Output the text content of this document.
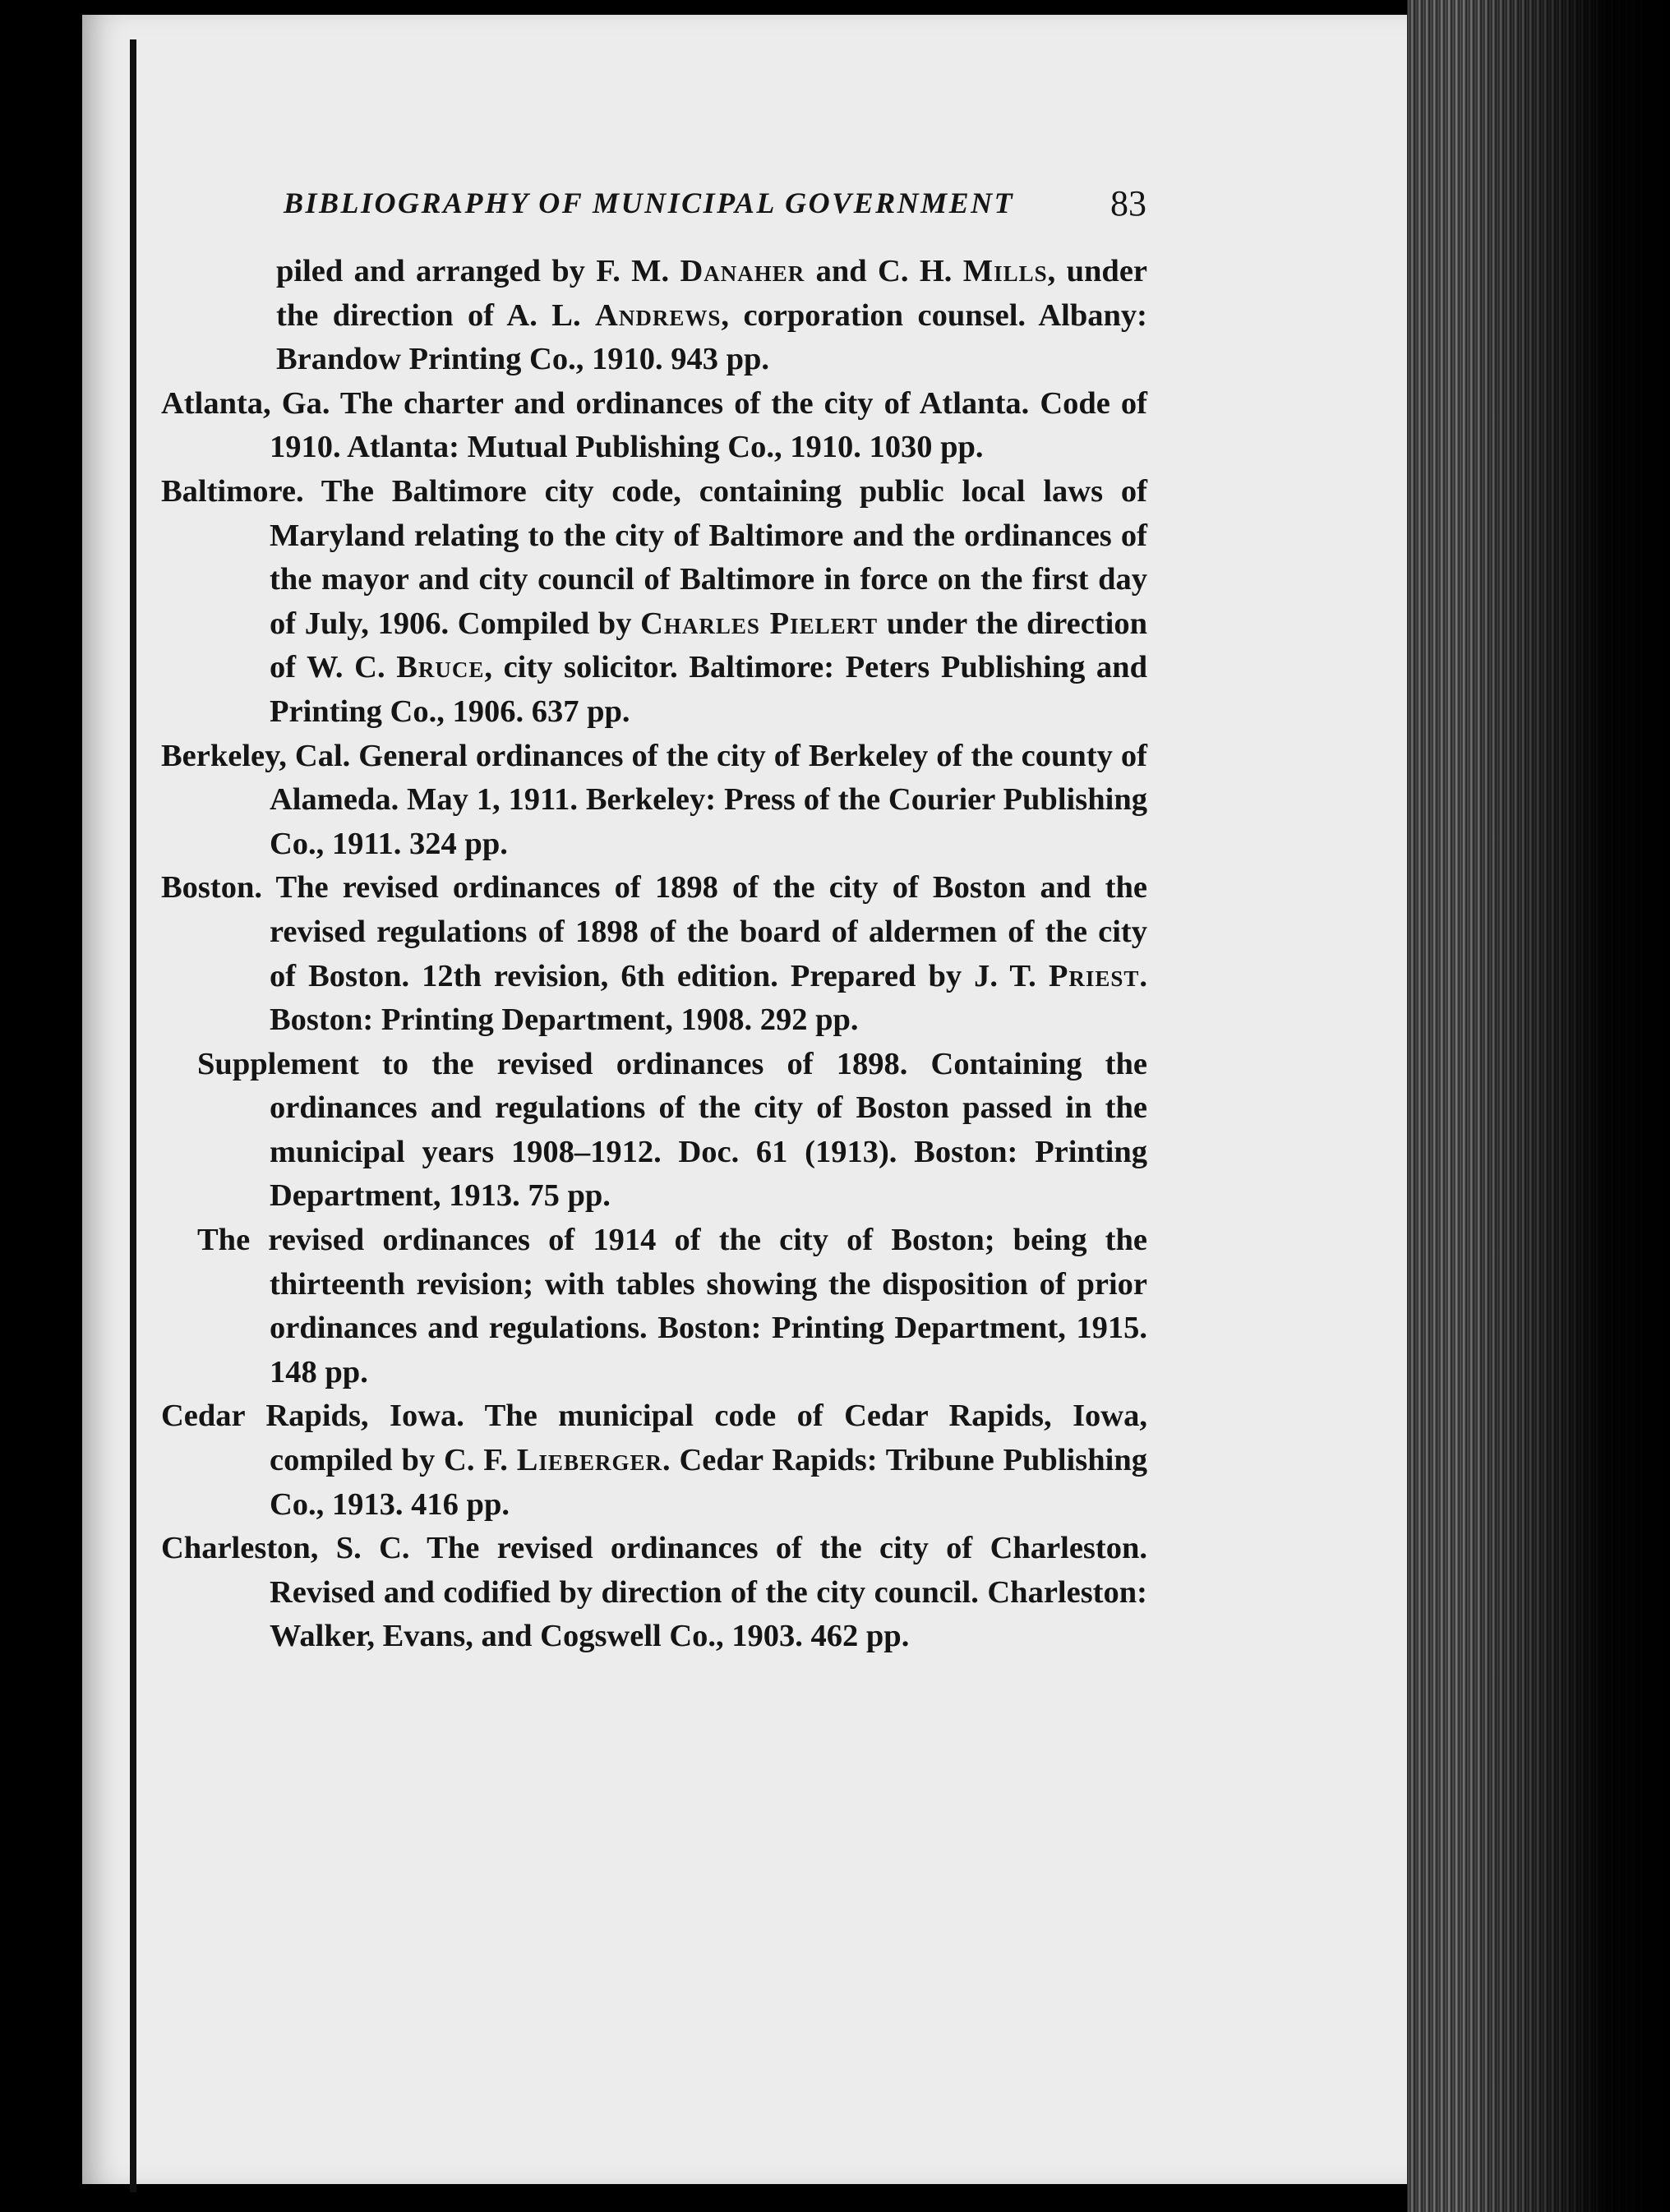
BIBLIOGRAPHY OF MUNICIPAL GOVERNMENT	83

piled and arranged by F. M. Danaher and C. H. Mills, under the direction of A. L. Andrews, corporation counsel. Albany: Brandow Printing Co., 1910. 943 pp.

Atlanta, Ga. The charter and ordinances of the city of Atlanta. Code of 1910. Atlanta: Mutual Publishing Co., 1910. 1030 pp.

Baltimore. The Baltimore city code, containing public local laws of Maryland relating to the city of Baltimore and the ordinances of the mayor and city council of Baltimore in force on the first day of July, 1906. Compiled by Charles Pielert under the direction of W. C. Bruce, city solicitor. Baltimore: Peters Publishing and Printing Co., 1906. 637 pp.

Berkeley, Cal. General ordinances of the city of Berkeley of the county of Alameda. May 1, 1911. Berkeley: Press of the Courier Publishing Co., 1911. 324 pp.

Boston. The revised ordinances of 1898 of the city of Boston and the revised regulations of 1898 of the board of aldermen of the city of Boston. 12th revision, 6th edition. Prepared by J. T. Priest. Boston: Printing Department, 1908. 292 pp.

Supplement to the revised ordinances of 1898. Containing the ordinances and regulations of the city of Boston passed in the municipal years 1908–1912. Doc. 61 (1913). Boston: Printing Department, 1913. 75 pp.

The revised ordinances of 1914 of the city of Boston; being the thirteenth revision; with tables showing the disposition of prior ordinances and regulations. Boston: Printing Department, 1915. 148 pp.

Cedar Rapids, Iowa. The municipal code of Cedar Rapids, Iowa, compiled by C. F. Lieberger. Cedar Rapids: Tribune Publishing Co., 1913. 416 pp.

Charleston, S. C. The revised ordinances of the city of Charleston. Revised and codified by direction of the city council. Charleston: Walker, Evans, and Cogswell Co., 1903. 462 pp.
